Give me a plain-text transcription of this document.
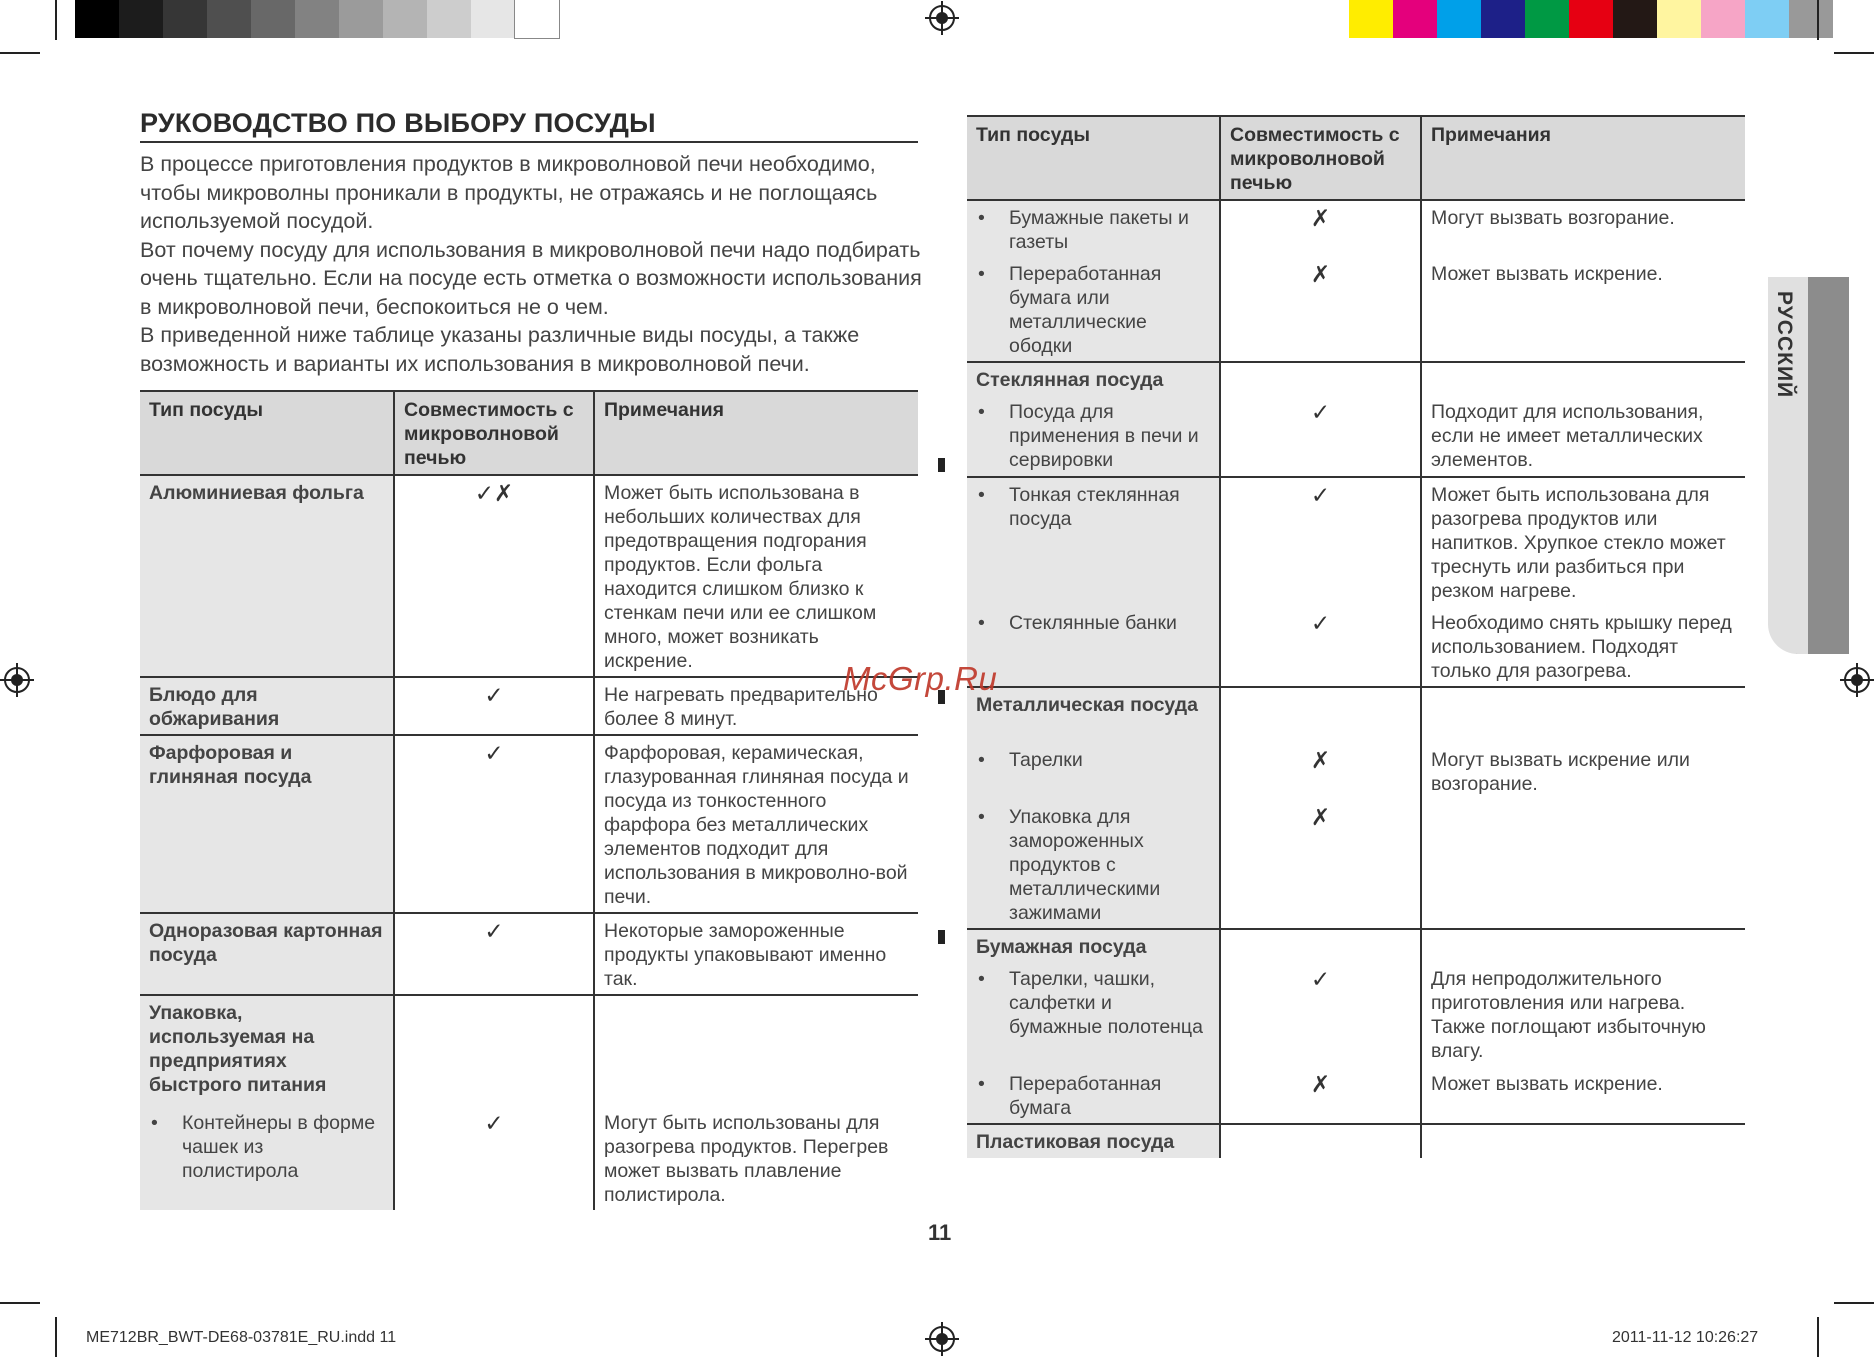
РУКОВОДСТВО ПО ВЫБОРУ ПОСУДЫ

В процессе приготовления продуктов в микроволновой печи необходимо, чтобы микроволны проникали в продукты, не отражаясь и не поглощаясь используемой посудой.

Вот почему посуду для использования в микроволновой печи надо подбирать очень тщательно. Если на посуде есть отметка о возможности использования в микроволновой печи, беспокоиться не о чем.

В приведенной ниже таблице указаны различные виды посуды, а также возможность и варианты их использования в микроволновой печи.

Тип посуды	Совместимость с микроволновой печью	Примечания
Алюминиевая фольга	✓✗	Может быть использована в небольших количествах для предотвращения подгорания продуктов. Если фольга находится слишком близко к стенкам печи или ее слишком много, может возникать искрение.
Блюдо для обжаривания	✓	Не нагревать предварительно более 8 минут.
Фарфоровая и глиняная посуда	✓	Фарфоровая, керамическая, глазурованная глиняная посуда и посуда из тонкостенного фарфора без металлических элементов подходит для использования в микроволно-вой печи.
Одноразовая картонная посуда	✓	Некоторые замороженные продукты упаковывают именно так.
Упаковка, используемая на предприятиях быстрого питания		

• Контейнеры в форме чашек из полистирола	✓	Могут быть использованы для разогрева продуктов. Перегрев может вызвать плавление полистирола.
Тип посуды	Совместимость с микроволновой печью	Примечания

• Бумажные пакеты и газеты	✗	Могут вызвать возгорание.

• Переработанная бумага или металлические ободки	✗	Может вызвать искрение.
Стеклянная посуда		

• Посуда для применения в печи и сервировки	✓	Подходит для использования, если не имеет металлических элементов.

• Тонкая стеклянная посуда	✓	Может быть использована для разогрева продуктов или напитков. Хрупкое стекло может треснуть или разбиться при резком нагреве.

• Стеклянные банки	✓	Необходимо снять крышку перед использованием. Подходят только для разогрева.
Металлическая посуда		

• Тарелки	✗	Могут вызвать искрение или возгорание.

• Упаковка для замороженных продуктов с металлическими зажимами	✗	

Бумажная посуда		

• Тарелки, чашки, салфетки и бумажные полотенца	✓	Для непродолжительного приготовления или нагрева. Также поглощают избыточную влагу.

• Переработанная бумага	✗	Может вызвать искрение.
Пластиковая посуда		
РУССКИЙ
McGrp.Ru
11
ME712BR_BWT-DE68-03781E_RU.indd 11	2011-11-12 10:26:27
